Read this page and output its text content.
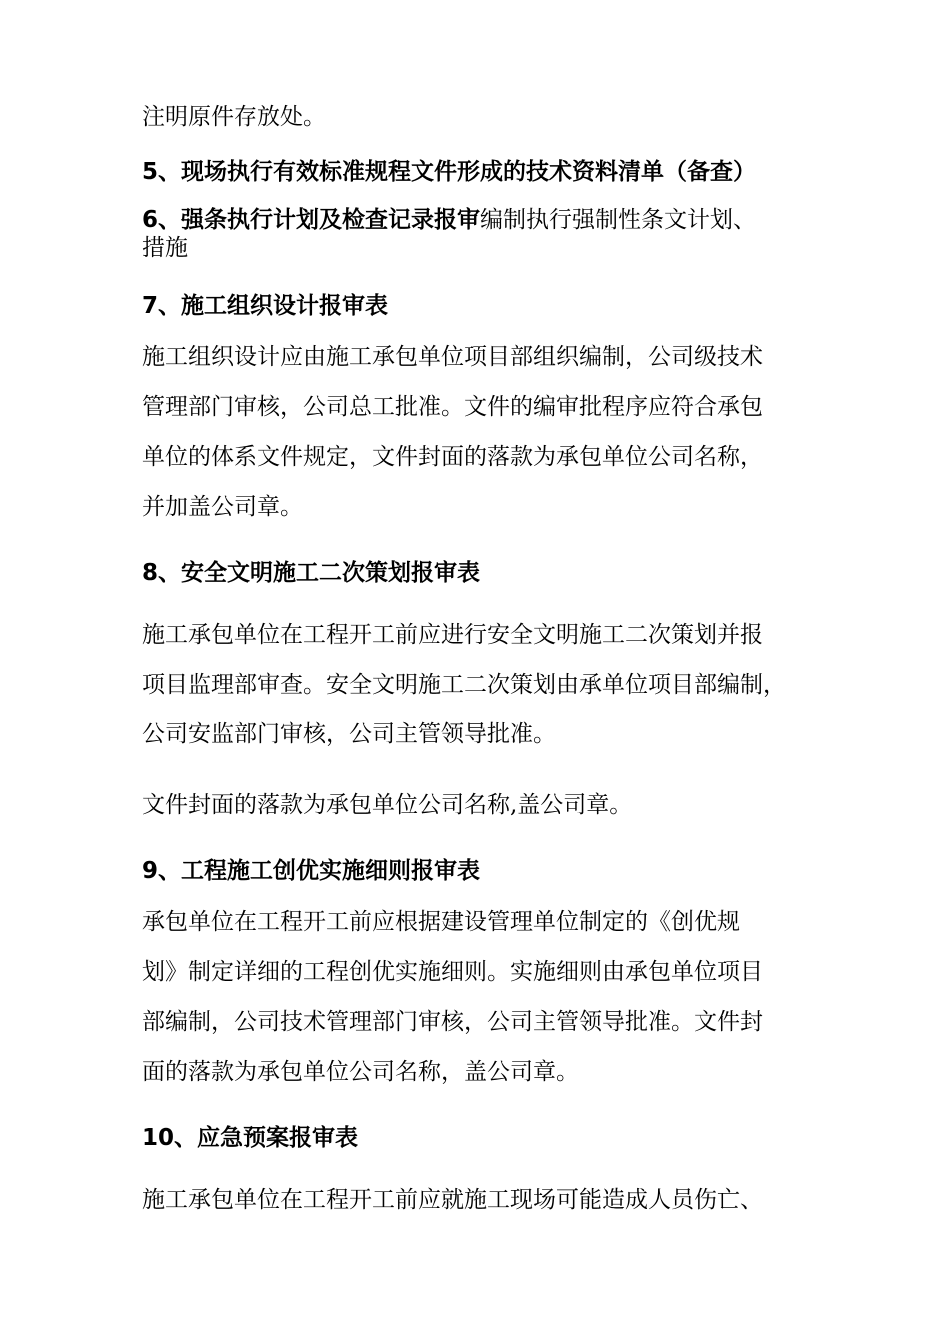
注明原件存放处。
5、现场执行有效标准规程文件形成的技术资料清单（备查）
6、强条执行计划及检查记录报审编制执行强制性条文计划、
措施
7、施工组织设计报审表
施工组织设计应由施工承包单位项目部组织编制，公司级技术
管理部门审核，公司总工批准。文件的编审批程序应符合承包
单位的体系文件规定，文件封面的落款为承包单位公司名称，
并加盖公司章。
8、安全文明施工二次策划报审表
施工承包单位在工程开工前应进行安全文明施工二次策划并报
项目监理部审查。安全文明施工二次策划由承单位项目部编制，
公司安监部门审核，公司主管领导批准。
文件封面的落款为承包单位公司名称,盖公司章。
9、工程施工创优实施细则报审表
承包单位在工程开工前应根据建设管理单位制定的《创优规
划》制定详细的工程创优实施细则。实施细则由承包单位项目
部编制，公司技术管理部门审核，公司主管领导批准。文件封
面的落款为承包单位公司名称，盖公司章。
10、应急预案报审表
施工承包单位在工程开工前应就施工现场可能造成人员伤亡、
